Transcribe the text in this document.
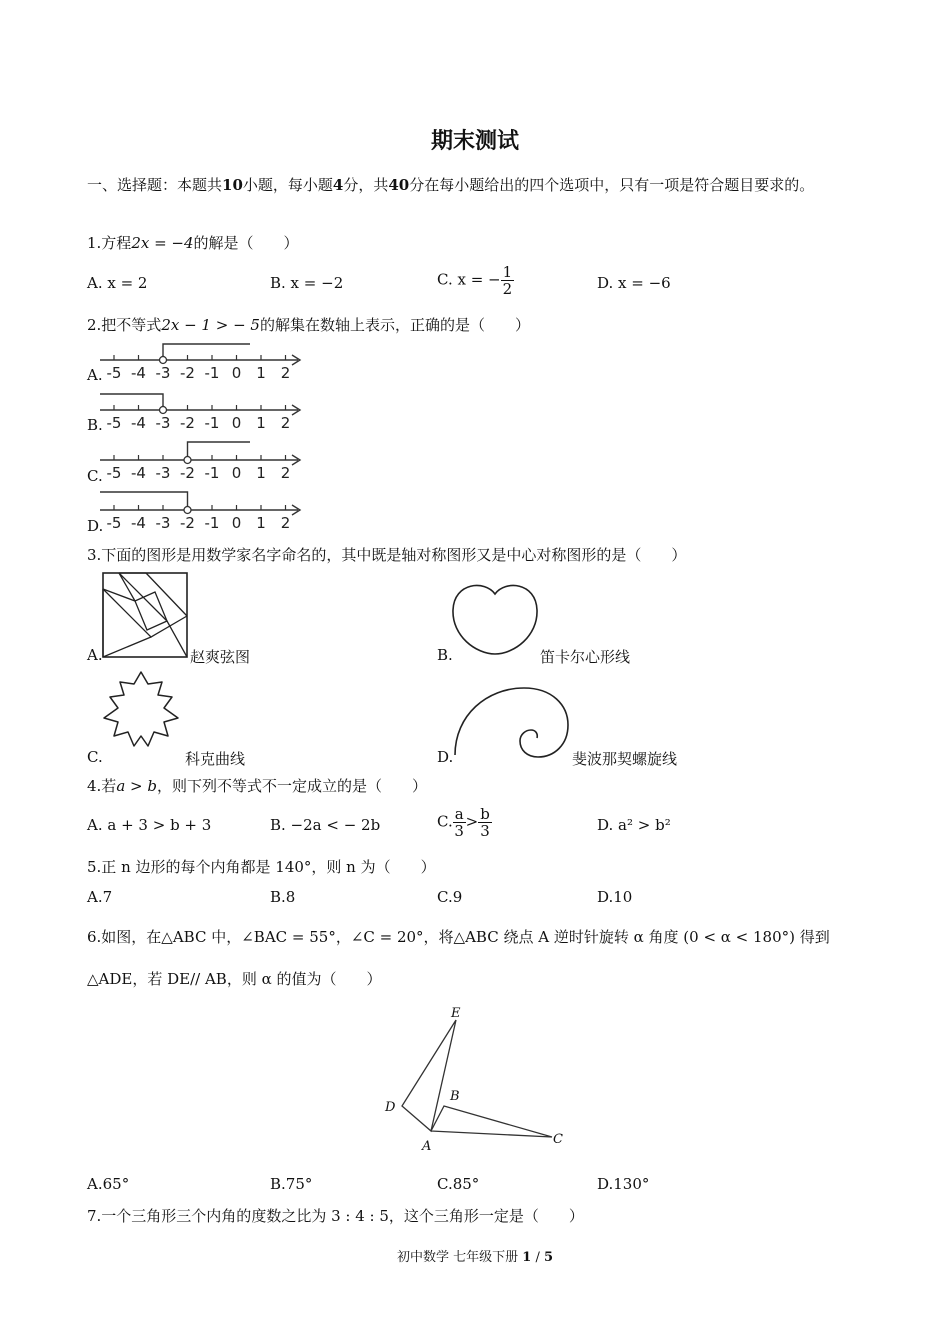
期末测试
一、选择题：本题共10小题，每小题4分，共40分在每小题给出的四个选项中，只有一项是符合题目要求的。
1.方程2x = −4的解是（　　）
A. x = 2	B. x = −2	C. x = − $\frac{1}{2}$	D. x = −6
2.把不等式2x − 1 > − 5的解集在数轴上表示，正确的是（　　）
A.
B.
C.
D.
-5 -4 -3 -2 -1 0 1 2
-5 -4 -3 -2 -1 0 1 2
-5 -4 -3 -2 -1 0 1 2
-5 -4 -3 -2 -1 0 1 2
3.下面的图形是用数学家名字命名的，其中既是轴对称图形又是中心对称图形的是（　　）
A.	赵爽弦图	B.	笛卡尔心形线
C.	科克曲线	D.	斐波那契螺旋线
4.若a > b，则下列不等式不一定成立的是（　　）
A. a + 3 > b + 3	B. −2a < − 2b	C. $\frac{a}{3} > \frac{b}{3}$	D. a² > b²
5.正 n 边形的每个内角都是 140°，则 n 为（　　）
A.7	B.8	C.9	D.10
6.如图，在△ABC 中，∠BAC = 55°，∠C = 20°，将△ABC 绕点 A 逆时针旋转 α 角度 (0 < α < 180°) 得到
△ADE，若 DE// AB，则 α 的值为（　　）
E
D
B
A	C
A.65°	B.75°	C.85°	D.130°
7.一个三角形三个内角的度数之比为 3 : 4 : 5，这个三角形一定是（　　）
初中数学 七年级下册 1 / 5
